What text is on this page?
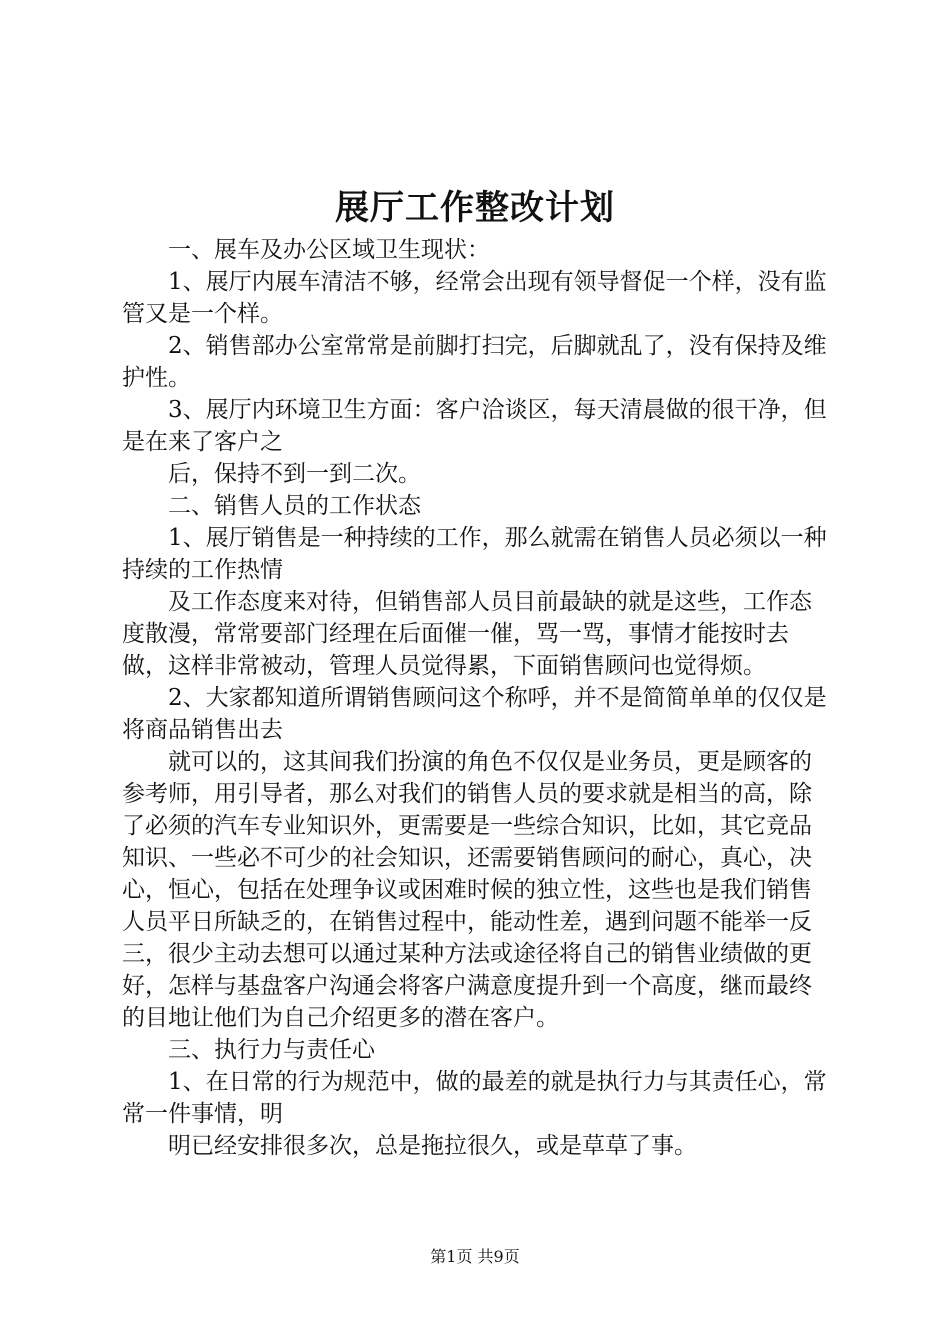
展厅工作整改计划

一、展车及办公区域卫生现状：

1、展厅内展车清洁不够，经常会出现有领导督促一个样，没有监管又是一个样。

2、销售部办公室常常是前脚打扫完，后脚就乱了，没有保持及维护性。

3、展厅内环境卫生方面：客户洽谈区，每天清晨做的很干净，但是在来了客户之

后，保持不到一到二次。

二、销售人员的工作状态

1、展厅销售是一种持续的工作，那么就需在销售人员必须以一种持续的工作热情

及工作态度来对待，但销售部人员目前最缺的就是这些，工作态度散漫，常常要部门经理在后面催一催，骂一骂，事情才能按时去做，这样非常被动，管理人员觉得累，下面销售顾问也觉得烦。

2、大家都知道所谓销售顾问这个称呼，并不是简简单单的仅仅是将商品销售出去

就可以的，这其间我们扮演的角色不仅仅是业务员，更是顾客的参考师，用引导者，那么对我们的销售人员的要求就是相当的高，除了必须的汽车专业知识外，更需要是一些综合知识，比如，其它竞品知识、一些必不可少的社会知识，还需要销售顾问的耐心，真心，决心，恒心，包括在处理争议或困难时候的独立性，这些也是我们销售人员平日所缺乏的，在销售过程中，能动性差，遇到问题不能举一反三，很少主动去想可以通过某种方法或途径将自己的销售业绩做的更好，怎样与基盘客户沟通会将客户满意度提升到一个高度，继而最终的目地让他们为自己介绍更多的潜在客户。

三、执行力与责任心

1、在日常的行为规范中，做的最差的就是执行力与其责任心，常常一件事情，明

明已经安排很多次，总是拖拉很久，或是草草了事。

第1页 共9页
